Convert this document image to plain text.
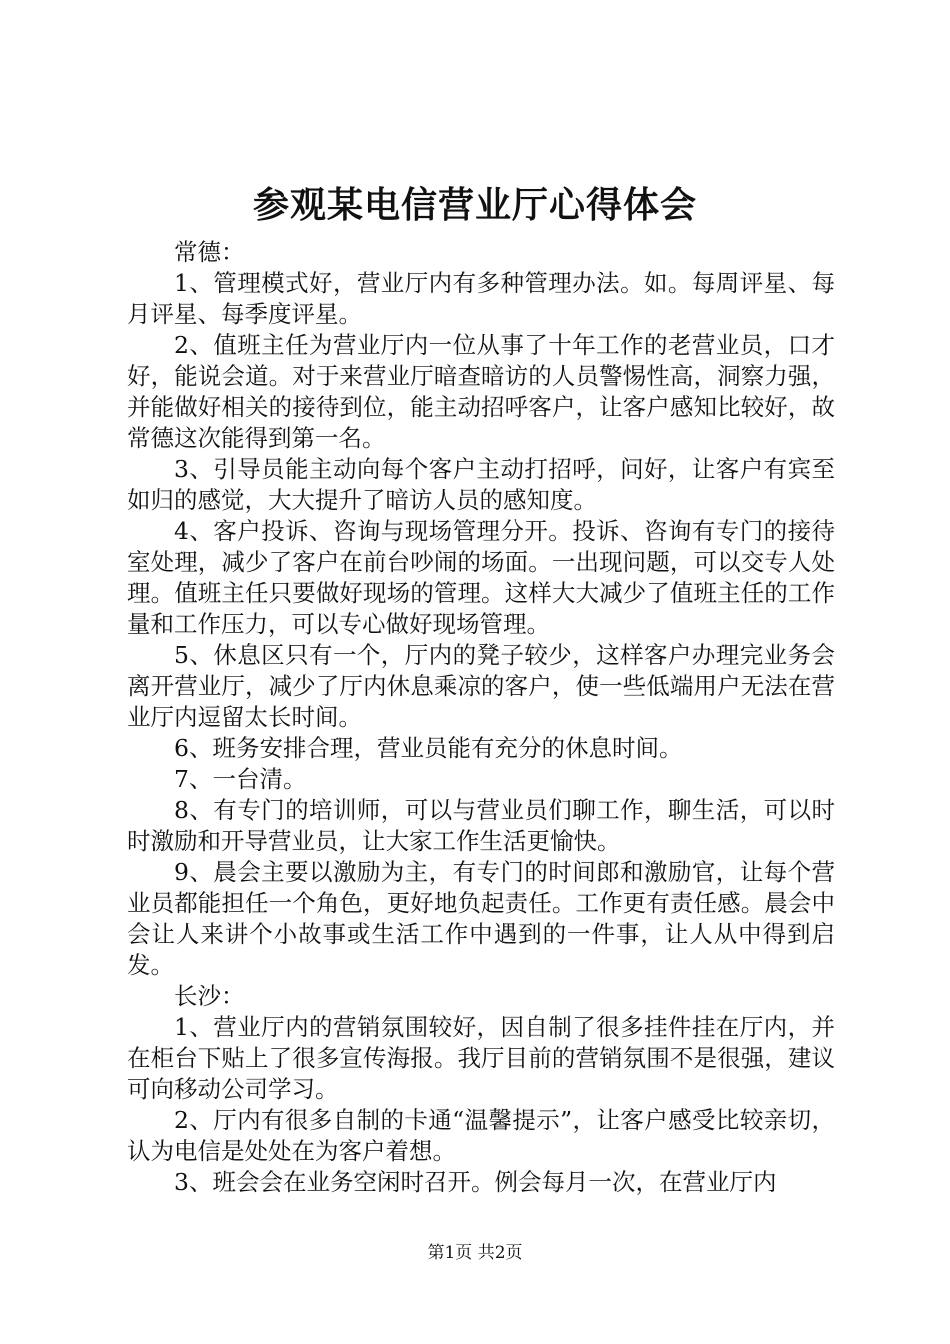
参观某电信营业厅心得体会

常德：

1、管理模式好，营业厅内有多种管理办法。如。每周评星、每月评星、每季度评星。

2、值班主任为营业厅内一位从事了十年工作的老营业员，口才好，能说会道。对于来营业厅暗查暗访的人员警惕性高，洞察力强，并能做好相关的接待到位，能主动招呼客户，让客户感知比较好，故常德这次能得到第一名。

3、引导员能主动向每个客户主动打招呼，问好，让客户有宾至如归的感觉，大大提升了暗访人员的感知度。

4、客户投诉、咨询与现场管理分开。投诉、咨询有专门的接待室处理，减少了客户在前台吵闹的场面。一出现问题，可以交专人处理。值班主任只要做好现场的管理。这样大大减少了值班主任的工作量和工作压力，可以专心做好现场管理。

5、休息区只有一个，厅内的凳子较少，这样客户办理完业务会离开营业厅，减少了厅内休息乘凉的客户，使一些低端用户无法在营业厅内逗留太长时间。

6、班务安排合理，营业员能有充分的休息时间。

7、一台清。

8、有专门的培训师，可以与营业员们聊工作，聊生活，可以时时激励和开导营业员，让大家工作生活更愉快。

9、晨会主要以激励为主，有专门的时间郎和激励官，让每个营业员都能担任一个角色，更好地负起责任。工作更有责任感。晨会中会让人来讲个小故事或生活工作中遇到的一件事，让人从中得到启发。

长沙：

1、营业厅内的营销氛围较好，因自制了很多挂件挂在厅内，并在柜台下贴上了很多宣传海报。我厅目前的营销氛围不是很强，建议可向移动公司学习。

2、厅内有很多自制的卡通“温馨提示”，让客户感受比较亲切，认为电信是处处在为客户着想。

3、班会会在业务空闲时召开。例会每月一次，在营业厅内

第1页 共2页
